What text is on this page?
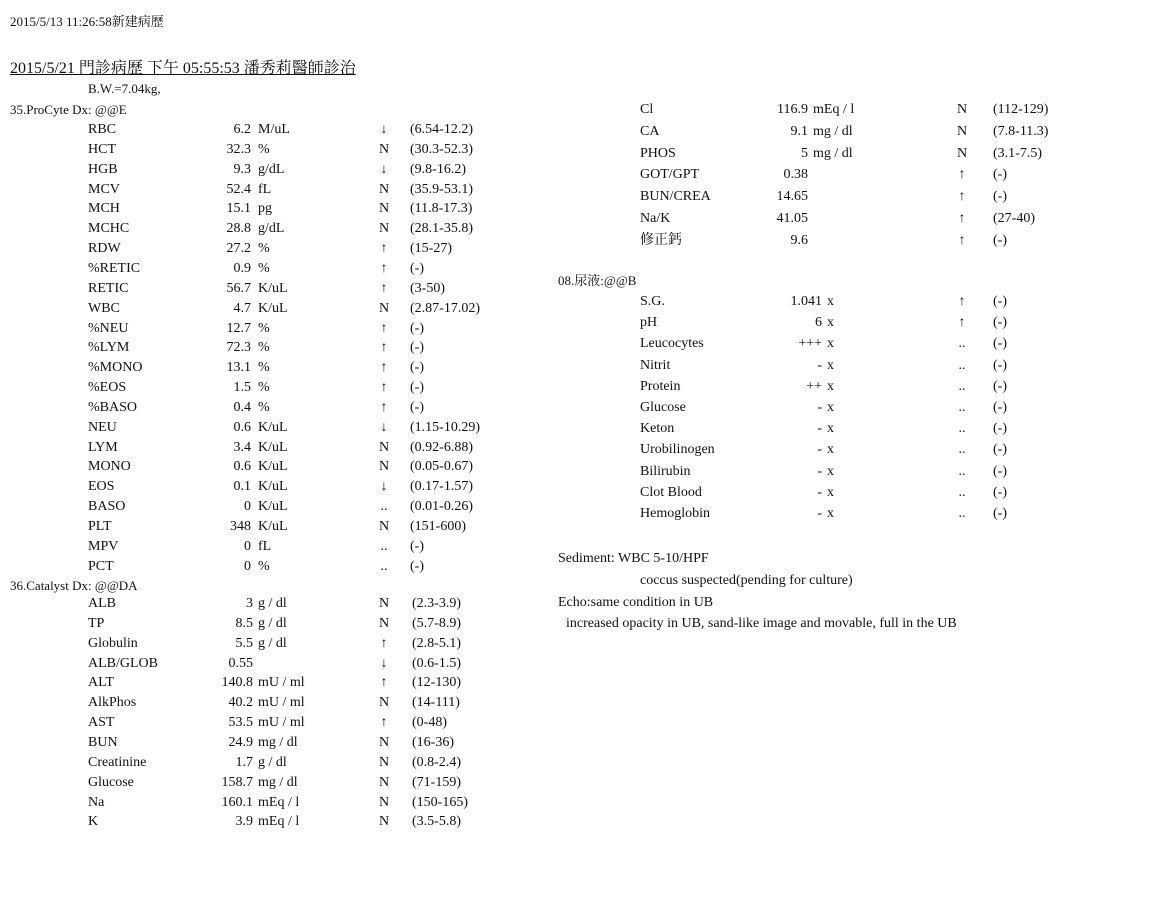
2015/5/13 11:26:58新建病歷
2015/5/21 門診病歷 下午 05:55:53 潘秀莉醫師診治
B.W.=7.04kg,
35.ProCyte Dx: @@E
RBC	6.2 M/uL	↓	(6.54-12.2)
HCT	32.3 %	N	(30.3-52.3)
HGB	9.3 g/dL	↓	(9.8-16.2)
MCV	52.4 fL	N	(35.9-53.1)
MCH	15.1 pg	N	(11.8-17.3)
MCHC	28.8 g/dL	N	(28.1-35.8)
RDW	27.2 %	↑	(15-27)
%RETIC	0.9 %	↑	(-)
RETIC	56.7 K/uL	↑	(3-50)
WBC	4.7 K/uL	N	(2.87-17.02)
%NEU	12.7 %	↑	(-)
%LYM	72.3 %	↑	(-)
%MONO	13.1 %	↑	(-)
%EOS	1.5 %	↑	(-)
%BASO	0.4 %	↑	(-)
NEU	0.6 K/uL	↓	(1.15-10.29)
LYM	3.4 K/uL	N	(0.92-6.88)
MONO	0.6 K/uL	N	(0.05-0.67)
EOS	0.1 K/uL	↓	(0.17-1.57)
BASO	0 K/uL	..	(0.01-0.26)
PLT	348 K/uL	N	(151-600)
MPV	0 fL	..	(-)
PCT	0 %	..	(-)
36.Catalyst Dx: @@DA
ALB	3 g / dl	N	(2.3-3.9)
TP	8.5 g / dl	N	(5.7-8.9)
Globulin	5.5 g / dl	↑	(2.8-5.1)
ALB/GLOB	0.55	↓	(0.6-1.5)
ALT	140.8 mU / ml	↑	(12-130)
AlkPhos	40.2 mU / ml	N	(14-111)
AST	53.5 mU / ml	↑	(0-48)
BUN	24.9 mg / dl	N	(16-36)
Creatinine	1.7 g / dl	N	(0.8-2.4)
Glucose	158.7 mg / dl	N	(71-159)
Na	160.1 mEq / l	N	(150-165)
K	3.9 mEq / l	N	(3.5-5.8)
Cl	116.9 mEq / l	N	(112-129)
CA	9.1 mg / dl	N	(7.8-11.3)
PHOS	5 mg / dl	N	(3.1-7.5)
GOT/GPT	0.38	↑	(-)
BUN/CREA	14.65	↑	(-)
Na/K	41.05	↑	(27-40)
修正鈣	9.6	↑	(-)
08.尿液:@@B
S.G.	1.041 x	↑	(-)
pH	6 x	↑	(-)
Leucocytes	+++ x	..	(-)
Nitrit	- x	..	(-)
Protein	++ x	..	(-)
Glucose	- x	..	(-)
Keton	- x	..	(-)
Urobilinogen	- x	..	(-)
Bilirubin	- x	..	(-)
Clot Blood	- x	..	(-)
Hemoglobin	- x	..	(-)
Sediment: WBC 5-10/HPF
coccus suspected(pending for culture)
Echo:same condition in UB
increased opacity in UB, sand-like image and movable, full in the UB
